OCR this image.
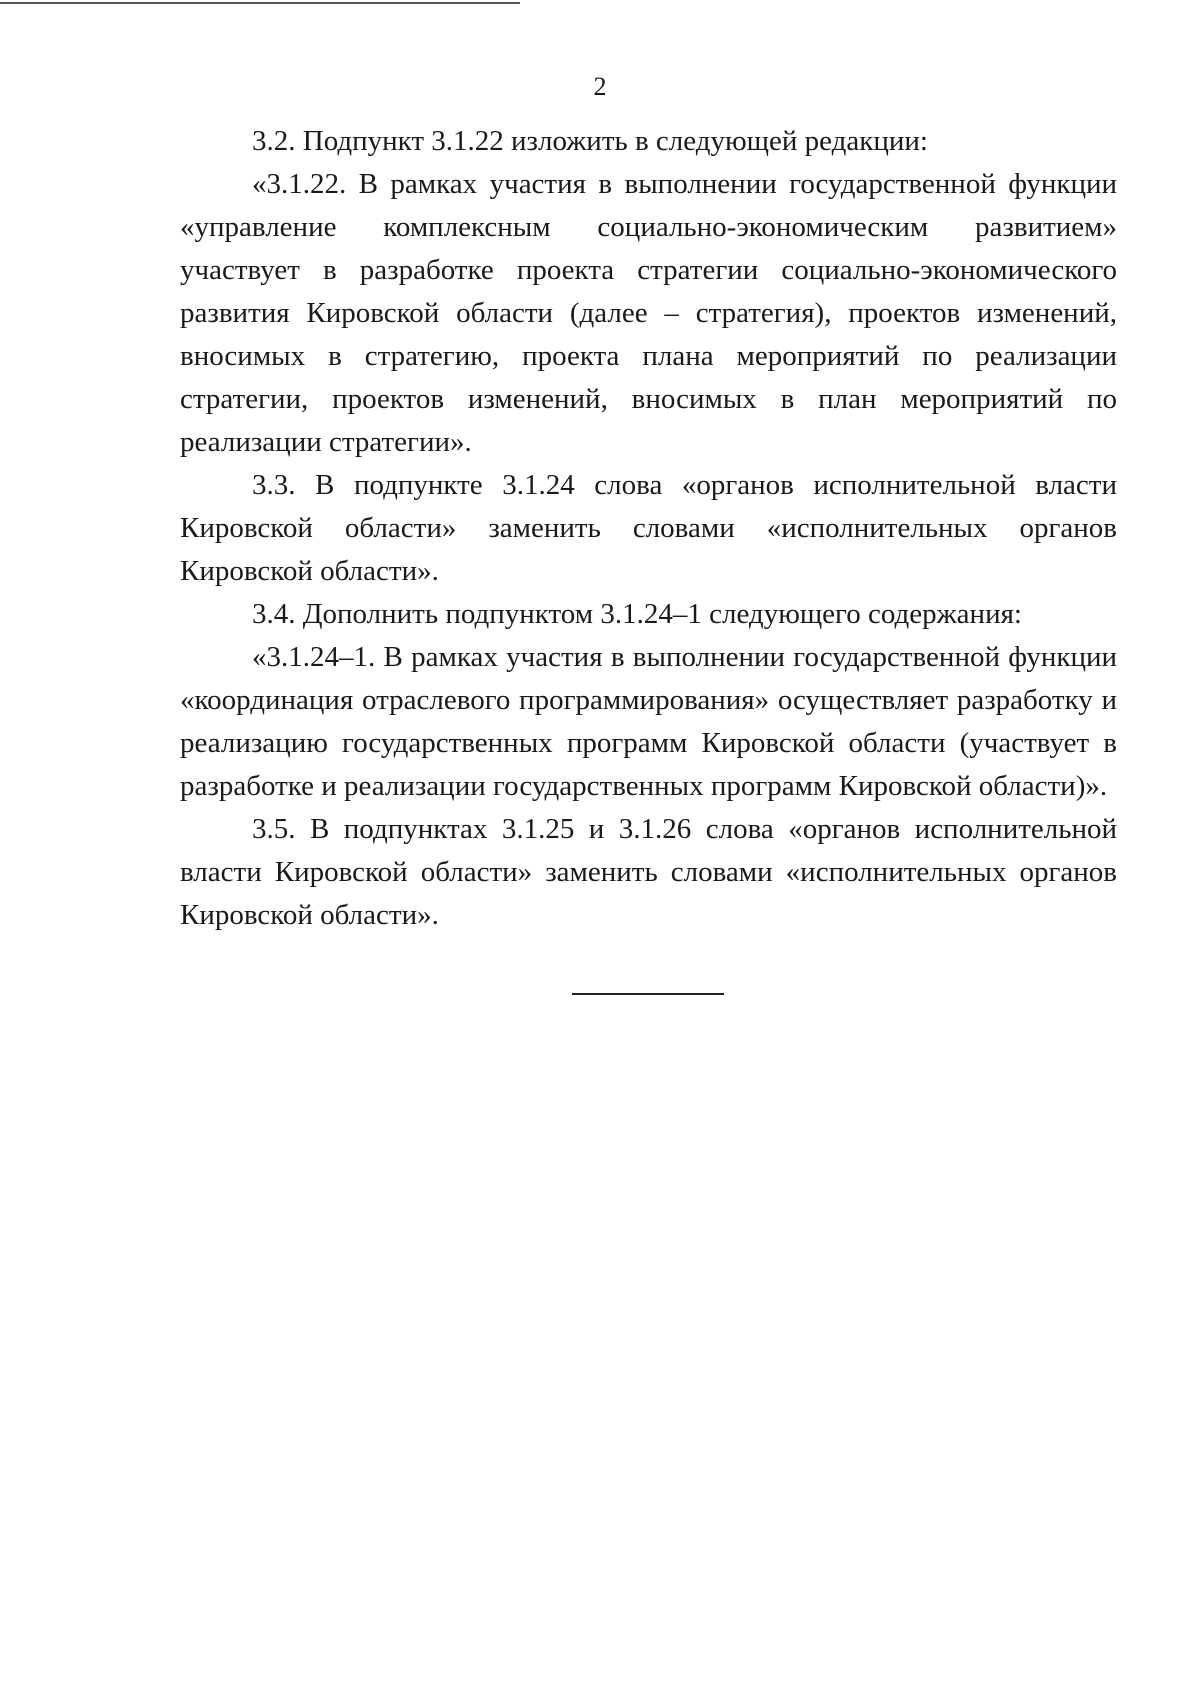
2

3.2. Подпункт 3.1.22 изложить в следующей редакции:

«3.1.22. В рамках участия в выполнении государственной функции «управление комплексным социально-экономическим развитием» участвует в разработке проекта стратегии социально-экономического развития Кировской области (далее – стратегия), проектов изменений, вносимых в стратегию, проекта плана мероприятий по реализации стратегии, проектов изменений, вносимых в план мероприятий по реализации стратегии».

3.3. В подпункте 3.1.24 слова «органов исполнительной власти Кировской области» заменить словами «исполнительных органов Кировской области».

3.4. Дополнить подпунктом 3.1.24–1 следующего содержания:

«3.1.24–1. В рамках участия в выполнении государственной функции «координация отраслевого программирования» осуществляет разработку и реализацию государственных программ Кировской области (участвует в разработке и реализации государственных программ Кировской области)».

3.5. В подпунктах 3.1.25 и 3.1.26 слова «органов исполнительной власти Кировской области» заменить словами «исполнительных органов Кировской области».
